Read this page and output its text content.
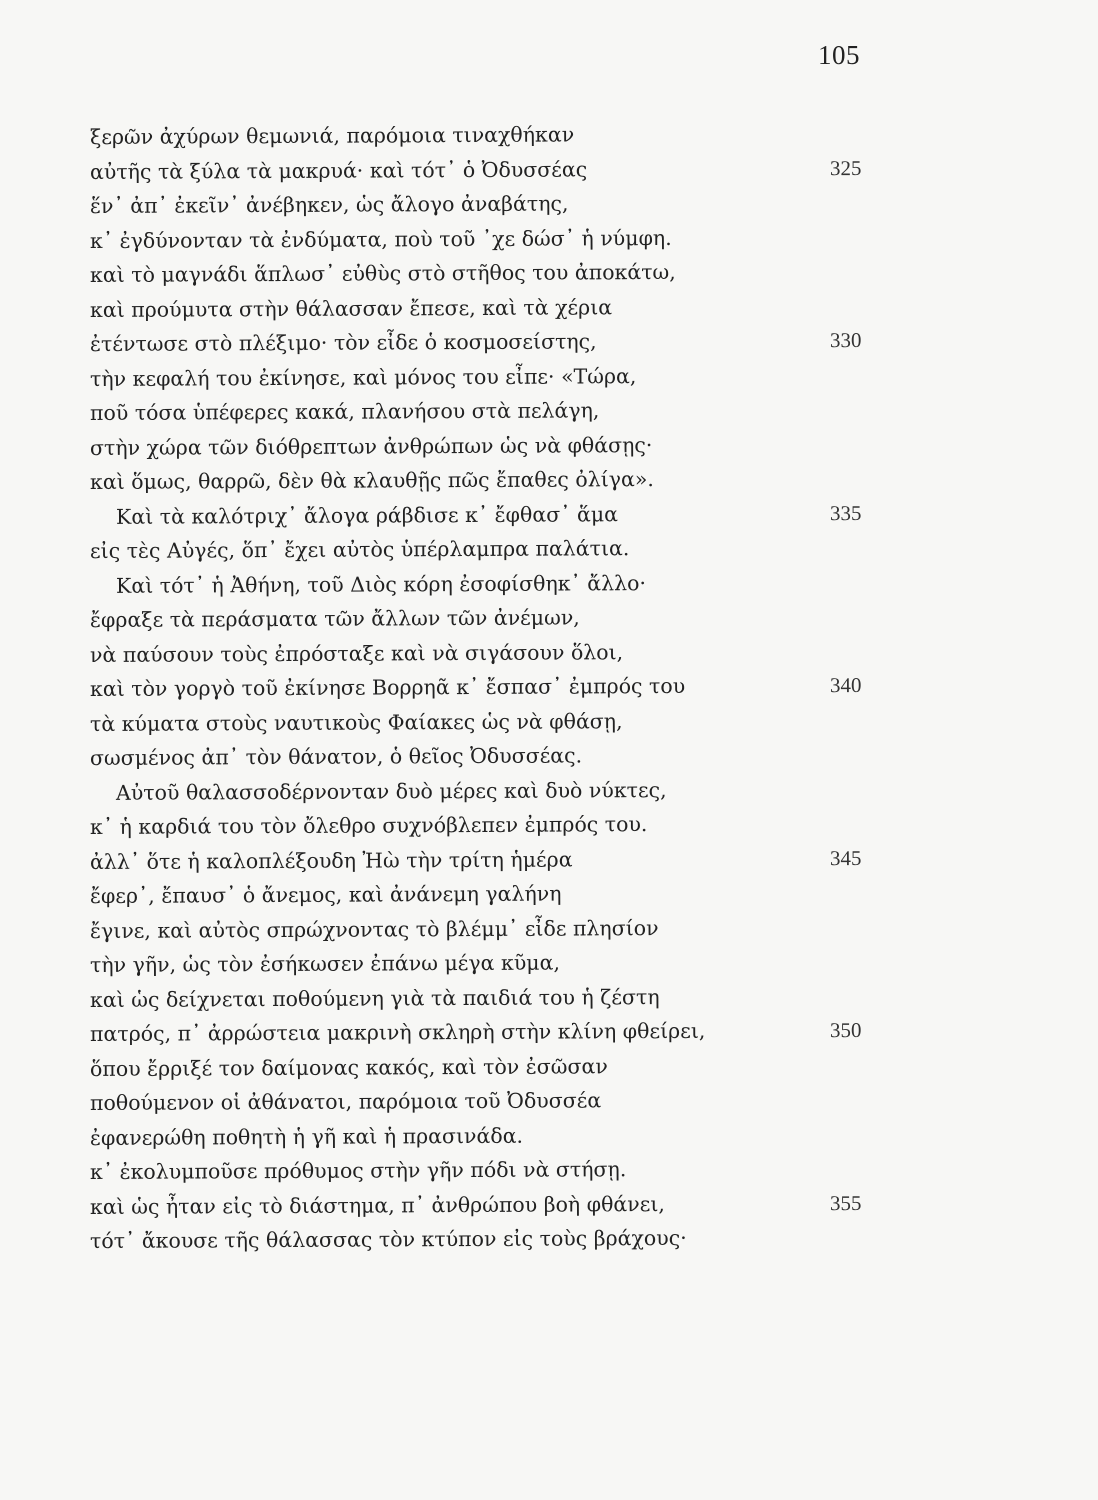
105
ξερῶν ἀχύρων θεμωνιά, παρόμοια τιναχθήκαν
αὐτῆς τὰ ξύλα τὰ μακρυά· καὶ τότ᾽ ὁ Ὀδυσσέας	325
ἕν᾽ ἀπ᾽ ἐκεῖν᾽ ἀνέβηκεν, ὡς ἄλογο ἀναβάτης,
κ᾽ ἐγδύνονταν τὰ ἐνδύματα, ποὺ τοῦ ᾽χε δώσ᾽ ἡ νύμφη.
καὶ τὸ μαγνάδι ἅπλωσ᾽ εὐθὺς στὸ στῆθος του ἀποκάτω,
καὶ προύμυτα στὴν θάλασσαν ἔπεσε, καὶ τὰ χέρια
ἐτέντωσε στὸ πλέξιμο· τὸν εἶδε ὁ κοσμοσείστης,	330
τὴν κεφαλή του ἐκίνησε, καὶ μόνος του εἶπε· «Τώρα,
ποῦ τόσα ὑπέφερες κακά, πλανήσου στὰ πελάγη,
στὴν χώρα τῶν διόθρεπτων ἀνθρώπων ὡς νὰ φθάσῃς·
καὶ ὅμως, θαρρῶ, δὲν θὰ κλαυθῇς πῶς ἔπαθες ὀλίγα».
Καὶ τὰ καλότριχ᾽ ἄλογα ράβδισε κ᾽ ἔφθασ᾽ ἅμα	335
εἰς τὲς Αὐγές, ὅπ᾽ ἔχει αὐτὸς ὑπέρλαμπρα παλάτια.
Καὶ τότ᾽ ἡ Ἀθήνη, τοῦ Διὸς κόρη ἐσοφίσθηκ᾽ ἄλλο·
ἔφραξε τὰ περάσματα τῶν ἄλλων τῶν ἀνέμων,
νὰ παύσουν τοὺς ἐπρόσταξε καὶ νὰ σιγάσουν ὅλοι,
καὶ τὸν γοργὸ τοῦ ἐκίνησε Βορρηᾶ κ᾽ ἔσπασ᾽ ἐμπρός του	340
τὰ κύματα στοὺς ναυτικοὺς Φαίακες ὡς νὰ φθάσῃ,
σωσμένος ἀπ᾽ τὸν θάνατον, ὁ θεῖος Ὀδυσσέας.
Αὐτοῦ θαλασσοδέρνονταν δυὸ μέρες καὶ δυὸ νύκτες,
κ᾽ ἡ καρδιά του τὸν ὄλεθρο συχνόβλεπεν ἐμπρός του.
ἀλλ᾽ ὅτε ἡ καλοπλέξουδη Ἠὼ τὴν τρίτη ἡμέρα	345
ἔφερ᾽, ἔπαυσ᾽ ὁ ἄνεμος, καὶ ἀνάνεμη γαλήνη
ἔγινε, καὶ αὐτὸς σπρώχνοντας τὸ βλέμμ᾽ εἶδε πλησίον
τὴν γῆν, ὡς τὸν ἐσήκωσεν ἐπάνω μέγα κῦμα,
καὶ ὡς δείχνεται ποθούμενη γιὰ τὰ παιδιά του ἡ ζέστη
πατρός, π᾽ ἀρρώστεια μακρινὴ σκληρὴ στὴν κλίνη φθείρει,	350
ὅπου ἔρριξέ τον δαίμονας κακός, καὶ τὸν ἐσῶσαν
ποθούμενον οἱ ἀθάνατοι, παρόμοια τοῦ Ὀδυσσέα
ἐφανερώθη ποθητὴ ἡ γῆ καὶ ἡ πρασινάδα.
κ᾽ ἐκολυμποῦσε πρόθυμος στὴν γῆν πόδι νὰ στήσῃ.
καὶ ὡς ἦταν εἰς τὸ διάστημα, π᾽ ἀνθρώπου βοὴ φθάνει,	355
τότ᾽ ἄκουσε τῆς θάλασσας τὸν κτύπον εἰς τοὺς βράχους·
